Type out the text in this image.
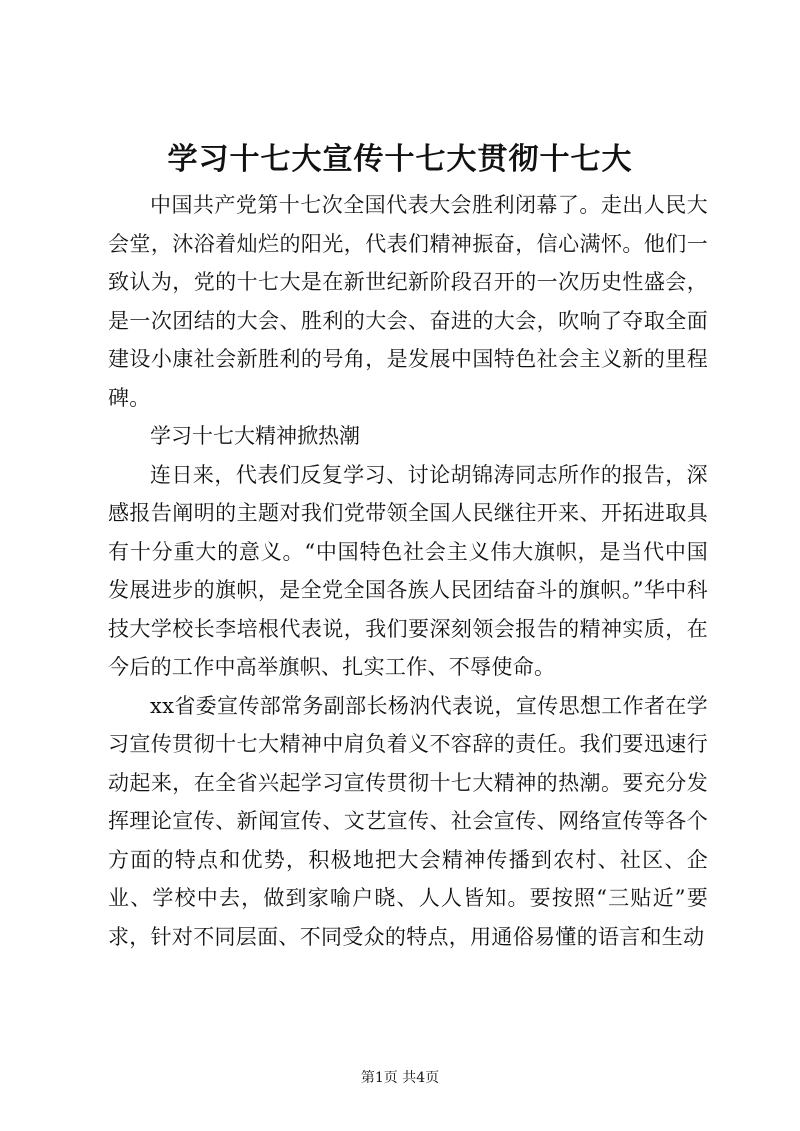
学习十七大宣传十七大贯彻十七大

中国共产党第十七次全国代表大会胜利闭幕了。走出人民大会堂，沐浴着灿烂的阳光，代表们精神振奋，信心满怀。他们一致认为，党的十七大是在新世纪新阶段召开的一次历史性盛会，是一次团结的大会、胜利的大会、奋进的大会，吹响了夺取全面建设小康社会新胜利的号角，是发展中国特色社会主义新的里程碑。

学习十七大精神掀热潮

连日来，代表们反复学习、讨论胡锦涛同志所作的报告，深感报告阐明的主题对我们党带领全国人民继往开来、开拓进取具有十分重大的意义。“中国特色社会主义伟大旗帜，是当代中国发展进步的旗帜，是全党全国各族人民团结奋斗的旗帜。”华中科技大学校长李培根代表说，我们要深刻领会报告的精神实质，在今后的工作中高举旗帜、扎实工作、不辱使命。

xx省委宣传部常务副部长杨汭代表说，宣传思想工作者在学习宣传贯彻十七大精神中肩负着义不容辞的责任。我们要迅速行动起来，在全省兴起学习宣传贯彻十七大精神的热潮。要充分发挥理论宣传、新闻宣传、文艺宣传、社会宣传、网络宣传等各个方面的特点和优势，积极地把大会精神传播到农村、社区、企业、学校中去，做到家喻户晓、人人皆知。要按照“三贴近”要求，针对不同层面、不同受众的特点，用通俗易懂的语言和生动

第1页 共4页
